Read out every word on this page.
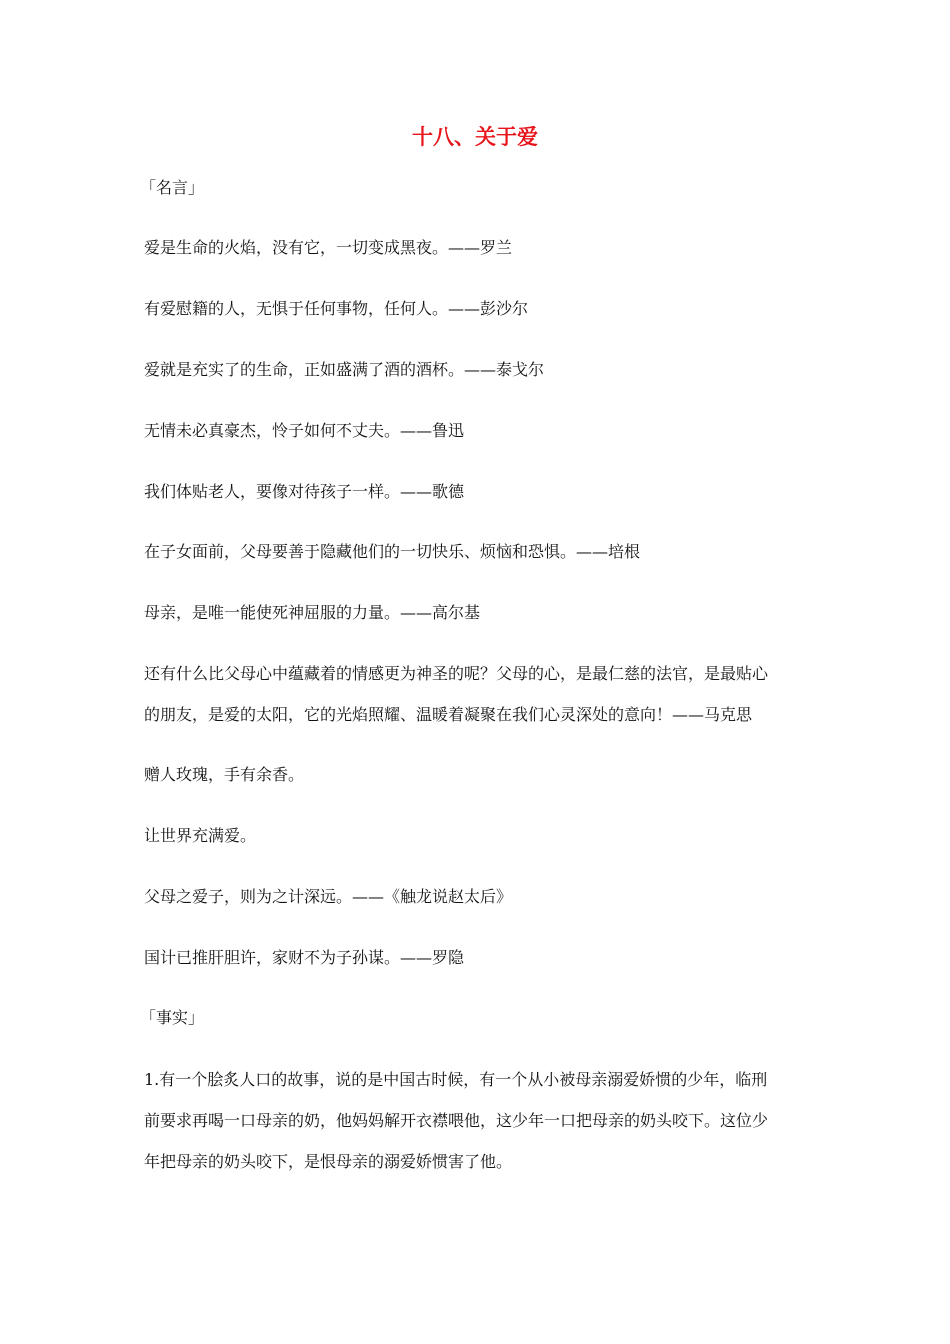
十八、关于爱
「名言」
爱是生命的火焰，没有它，一切变成黑夜。——罗兰
有爱慰籍的人，无惧于任何事物，任何人。——彭沙尔
爱就是充实了的生命，正如盛满了酒的酒杯。——泰戈尔
无情未必真豪杰，怜子如何不丈夫。——鲁迅
我们体贴老人，要像对待孩子一样。——歌德
在子女面前，父母要善于隐藏他们的一切快乐、烦恼和恐惧。——培根
母亲，是唯一能使死神屈服的力量。——高尔基
还有什么比父母心中蕴藏着的情感更为神圣的呢？父母的心，是最仁慈的法官，是最贴心
的朋友，是爱的太阳，它的光焰照耀、温暖着凝聚在我们心灵深处的意向！——马克思
赠人玫瑰，手有余香。
让世界充满爱。
父母之爱子，则为之计深远。——《触龙说赵太后》
国计已推肝胆许，家财不为子孙谋。——罗隐
「事实」
1.有一个脍炙人口的故事，说的是中国古时候，有一个从小被母亲溺爱娇惯的少年，临刑
前要求再喝一口母亲的奶，他妈妈解开衣襟喂他，这少年一口把母亲的奶头咬下。这位少
年把母亲的奶头咬下，是恨母亲的溺爱娇惯害了他。
